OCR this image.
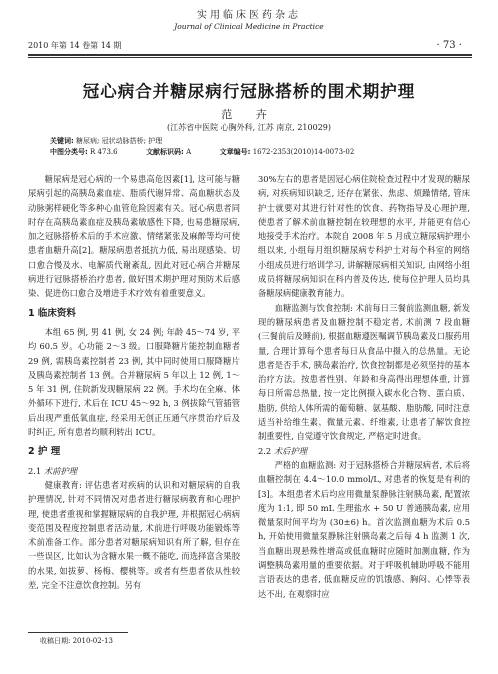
2010 年第 14 卷第 14 期
实用临床医药杂志
Journal of Clinical Medicine in Practice
· 73 ·
冠心病合并糖尿病行冠脉搭桥的围术期护理
范 卉
(江苏省中医院 心胸外科, 江苏 南京, 210029)
关键词: 糖尿病; 冠状动脉搭桥; 护理
中图分类号: R 473.6	文献标识码: A	文章编号: 1672-2353(2010)14-0073-02

糖尿病是冠心病的一个易患高危因素[1], 这可能与糖尿病引起的高胰岛素血症、脂质代谢异常、高血糖状态及动脉粥样硬化等多种心血管危险因素有关。冠心病患者同时存在高胰岛素血症及胰岛素敏感性下降, 也易患糖尿病, 加之冠脉搭桥术后的手术应激、情绪紧张及麻醉等均可使患者血糖升高[2]。糖尿病患者抵抗力低, 易出现感染、切口愈合慢及水、电解质代谢紊乱, 因此对冠心病合并糖尿病进行冠脉搭桥治疗患者, 做好围术期护理对预防术后感染、促进伤口愈合及增进手术疗效有着重要意义。

1 临床资料

本组 65 例, 男 41 例, 女 24 例; 年龄 45～74 岁, 平均 60.5 岁。心功能 2～3 级。口服降糖片能控制血糖者 29 例, 需胰岛素控制者 23 例, 其中同时使用口服降糖片及胰岛素控制者 13 例。合并糖尿病 5 年以上 12 例, 1～5 年 31 例, 住院新发现糖尿病 22 例。手术均在全麻、体外循环下进行, 术后在 ICU 45～92 h, 3 例拔除气管插管后出现严重低氧血症, 经采用无创正压通气序贯治疗后及时纠正, 所有患者均顺利转出 ICU。

2 护 理

2.1 术前护理

健康教育: 评估患者对疾病的认识和对糖尿病的自我护理情况, 针对不同情况对患者进行糖尿病教育和心理护理, 使患者重视和掌握糖尿病的自我护理, 并根据冠心病病变范围及程度控制患者活动量, 术前进行呼吸功能锻炼等术前准备工作。部分患者对糖尿病知识有所了解, 但存在一些误区, 比如认为含糖水果一概不能吃, 而选择富含果胶的水果, 如拔萝、杨梅、樱桃等。或者有些患者依从性较差, 完全不注意饮食控制。另有

30%左右的患者是因冠心病住院检查过程中才发现的糖尿病, 对疾病知识缺乏, 还存在紧张、焦虑、烦躁情绪, 管床护士就要对其进行针对性的饮食、药物指导及心理护理, 使患者了解术前血糖控制在较理想的水平, 并能更有信心地接受手术治疗。本院自 2008 年 5 月成立糖尿病护理小组以来, 小组每月组织糖尿病专科护士对每个科室的网络小组成员进行培训学习, 讲解糖尿病相关知识, 由网络小组成员将糖尿病知识在科内普及传达, 使每位护理人员均具备糖尿病健康教育能力。

血糖监测与饮食控制: 术前每日三餐前监测血糖, 新发现的糖尿病患者及血糖控制不稳定者, 术前测 7 段血糖 (三餐前后及睡前), 根据血糖遵医嘱调节胰岛素及口服药用量, 合理计算每个患者每日从食品中摄入的总热量。无论患者是否手术, 胰岛素治疗, 饮食控制都是必须坚持的基本治疗方法。按患者性别、年龄和身高得出理想体重, 计算每日所需总热量, 按一定比例摄入碳水化合物、蛋白质、脂肪, 供给人体所需的葡萄糖、氨基酸、脂肪酸, 同时注意适当补给维生素、微量元素、纤维素, 让患者了解饮食控制重要性, 自觉遵守饮食规定, 严格定时进食。

2.2 术后护理

严格的血糖监测: 对于冠脉搭桥合并糖尿病者, 术后将血糖控制在 4.4～10.0 mmol/L, 对患者的恢复是有利的[3]。本组患者术后均应用微量泵静脉注射胰岛素, 配置浓度为 1:1, 即 50 mL 生理盐水 + 50 U 普通胰岛素, 应用微量泵时间平均为 (30±6) h。首次监测血糖为术后 0.5 h, 开始使用微量泵静脉注射胰岛素之后每 4 h 监测 1 次, 当血糖出现悬殊性增高或低血糖时应随时加测血糖, 作为调整胰岛素用量的重要依据。对于呼吸机辅助呼吸不能用言语表达的患者, 低血糖反应的饥饿感、胸闷、心悸等表达不出, 在观察时应

收稿日期: 2010-02-13
